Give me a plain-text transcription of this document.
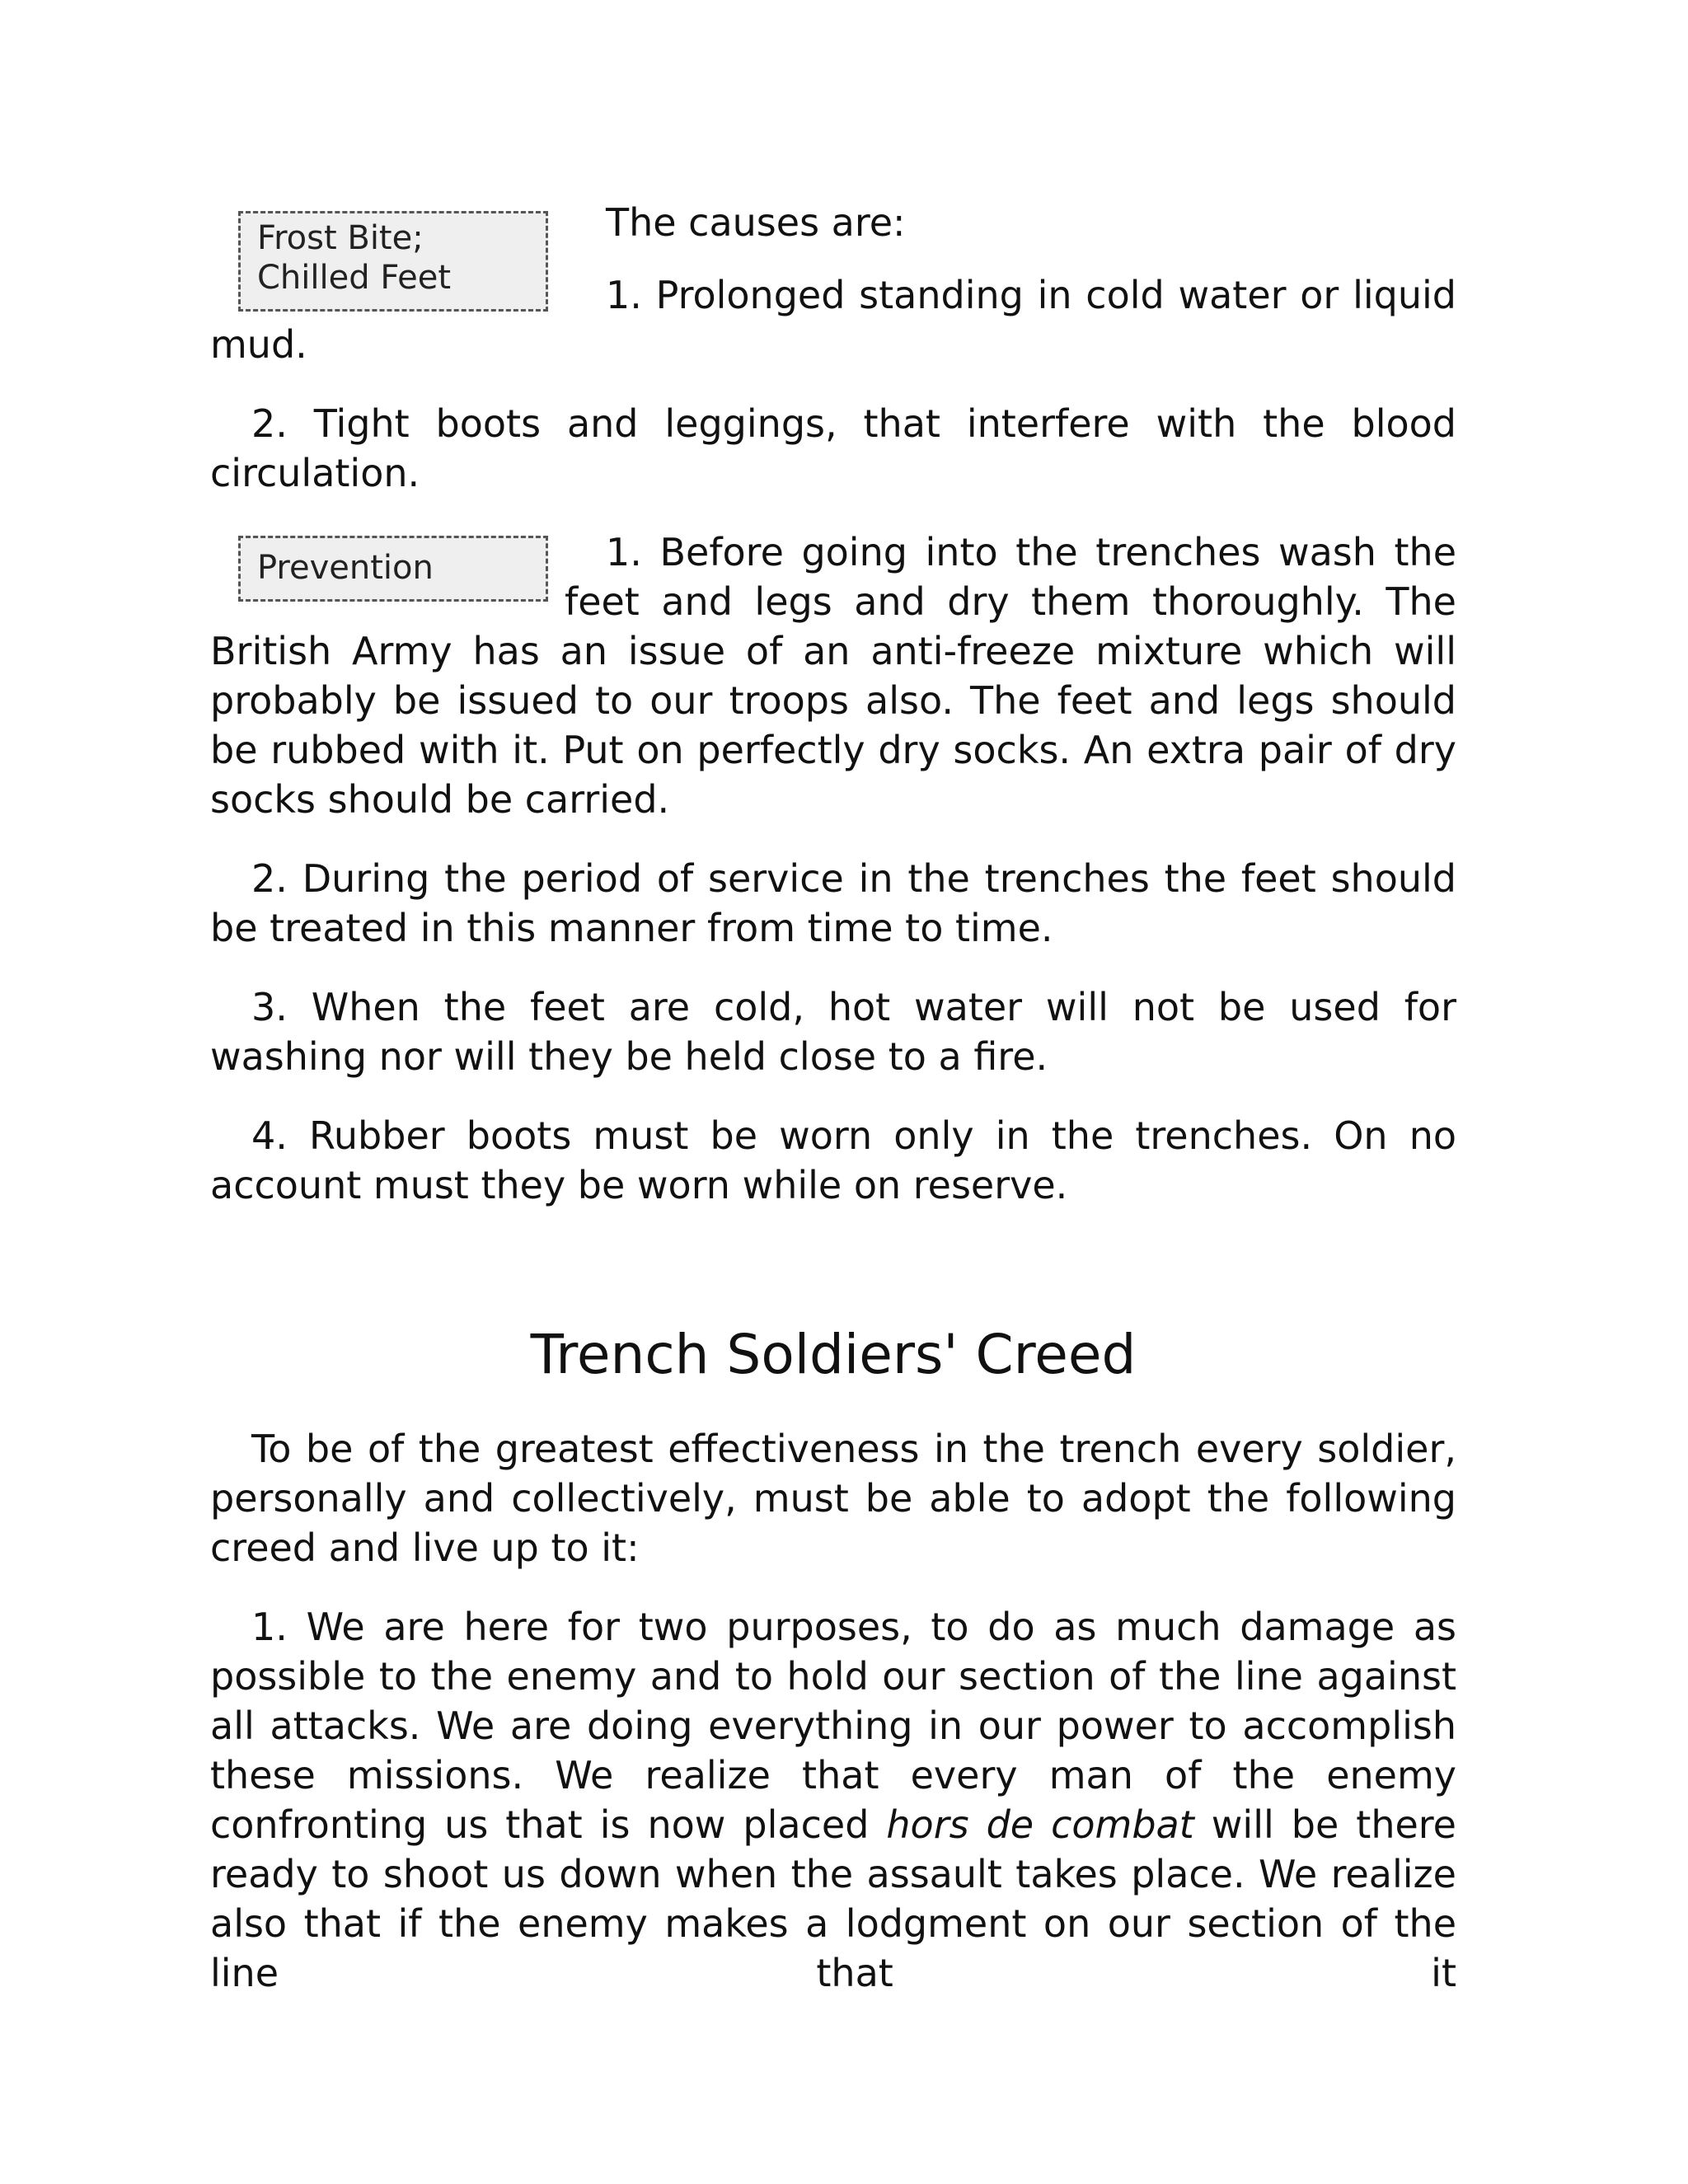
Frost Bite;
Chilled Feet

The causes are:

1. Prolonged standing in cold water or liquid mud.

2. Tight boots and leggings, that interfere with the blood circulation.

Prevention	1. Before going into the trenches wash the feet and legs and dry them thoroughly. The British Army has an issue of an anti-freeze mixture which will probably be issued to our troops also. The feet and legs should be rubbed with it. Put on perfectly dry socks. An extra pair of dry socks should be carried.

2. During the period of service in the trenches the feet should be treated in this manner from time to time.

3. When the feet are cold, hot water will not be used for washing nor will they be held close to a fire.

4. Rubber boots must be worn only in the trenches. On no account must they be worn while on reserve.

Trench Soldiers' Creed

To be of the greatest effectiveness in the trench every soldier, personally and collectively, must be able to adopt the following creed and live up to it:

1. We are here for two purposes, to do as much damage as possible to the enemy and to hold our section of the line against all attacks. We are doing everything in our power to accomplish these missions. We realize that every man of the enemy confronting us that is now placed hors de combat will be there ready to shoot us down when the assault takes place. We realize also that if the enemy makes a lodgment on our section of the line that it
